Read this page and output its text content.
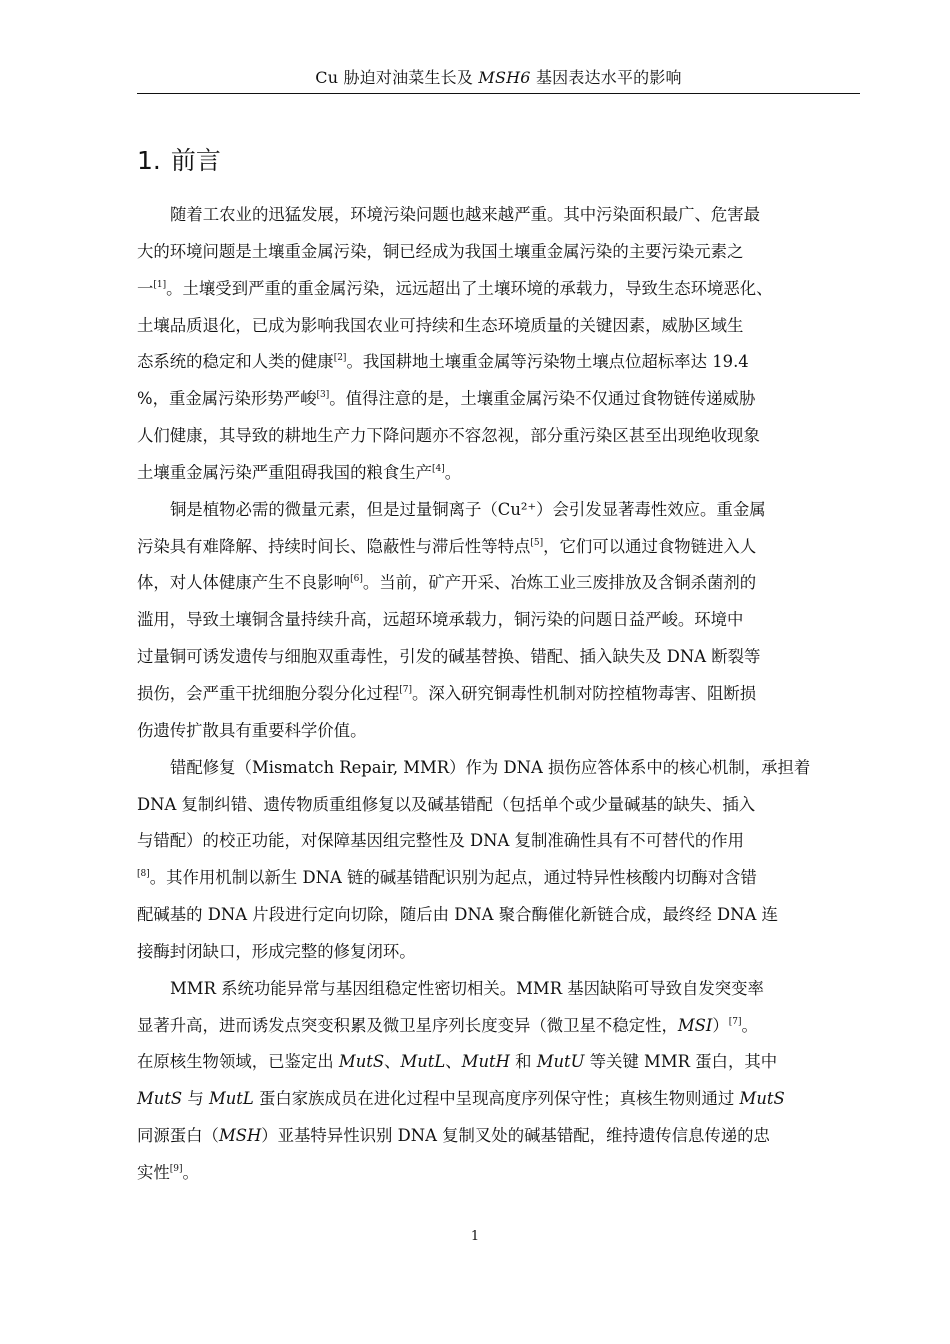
Cu 胁迫对油菜生长及 MSH6 基因表达水平的影响
1. 前言

随着工农业的迅猛发展，环境污染问题也越来越严重。其中污染面积最广、危害最
大的环境问题是土壤重金属污染，铜已经成为我国土壤重金属污染的主要污染元素之
一[1]。土壤受到严重的重金属污染，远远超出了土壤环境的承载力，导致生态环境恶化、
土壤品质退化，已成为影响我国农业可持续和生态环境质量的关键因素，威胁区域生
态系统的稳定和人类的健康[2]。我国耕地土壤重金属等污染物土壤点位超标率达 19.4
%，重金属污染形势严峻[3]。值得注意的是，土壤重金属污染不仅通过食物链传递威胁
人们健康，其导致的耕地生产力下降问题亦不容忽视，部分重污染区甚至出现绝收现象
土壤重金属污染严重阻碍我国的粮食生产[4]。

铜是植物必需的微量元素，但是过量铜离子（Cu²⁺）会引发显著毒性效应。重金属
污染具有难降解、持续时间长、隐蔽性与滞后性等特点[5]，它们可以通过食物链进入人
体，对人体健康产生不良影响[6]。当前，矿产开采、冶炼工业三废排放及含铜杀菌剂的
滥用，导致土壤铜含量持续升高，远超环境承载力，铜污染的问题日益严峻。环境中
过量铜可诱发遗传与细胞双重毒性，引发的碱基替换、错配、插入缺失及 DNA 断裂等
损伤，会严重干扰细胞分裂分化过程[7]。深入研究铜毒性机制对防控植物毒害、阻断损
伤遗传扩散具有重要科学价值。

错配修复（Mismatch Repair, MMR）作为 DNA 损伤应答体系中的核心机制，承担着
DNA 复制纠错、遗传物质重组修复以及碱基错配（包括单个或少量碱基的缺失、插入
与错配）的校正功能，对保障基因组完整性及 DNA 复制准确性具有不可替代的作用
[8]。其作用机制以新生 DNA 链的碱基错配识别为起点，通过特异性核酸内切酶对含错
配碱基的 DNA 片段进行定向切除，随后由 DNA 聚合酶催化新链合成，最终经 DNA 连
接酶封闭缺口，形成完整的修复闭环。

MMR 系统功能异常与基因组稳定性密切相关。MMR 基因缺陷可导致自发突变率
显著升高，进而诱发点突变积累及微卫星序列长度变异（微卫星不稳定性，MSI）[7]。
在原核生物领域，已鉴定出 MutS、MutL、MutH 和 MutU 等关键 MMR 蛋白，其中
MutS 与 MutL 蛋白家族成员在进化过程中呈现高度序列保守性；真核生物则通过 MutS
同源蛋白（MSH）亚基特异性识别 DNA 复制叉处的碱基错配，维持遗传信息传递的忠
实性[9]。

1
